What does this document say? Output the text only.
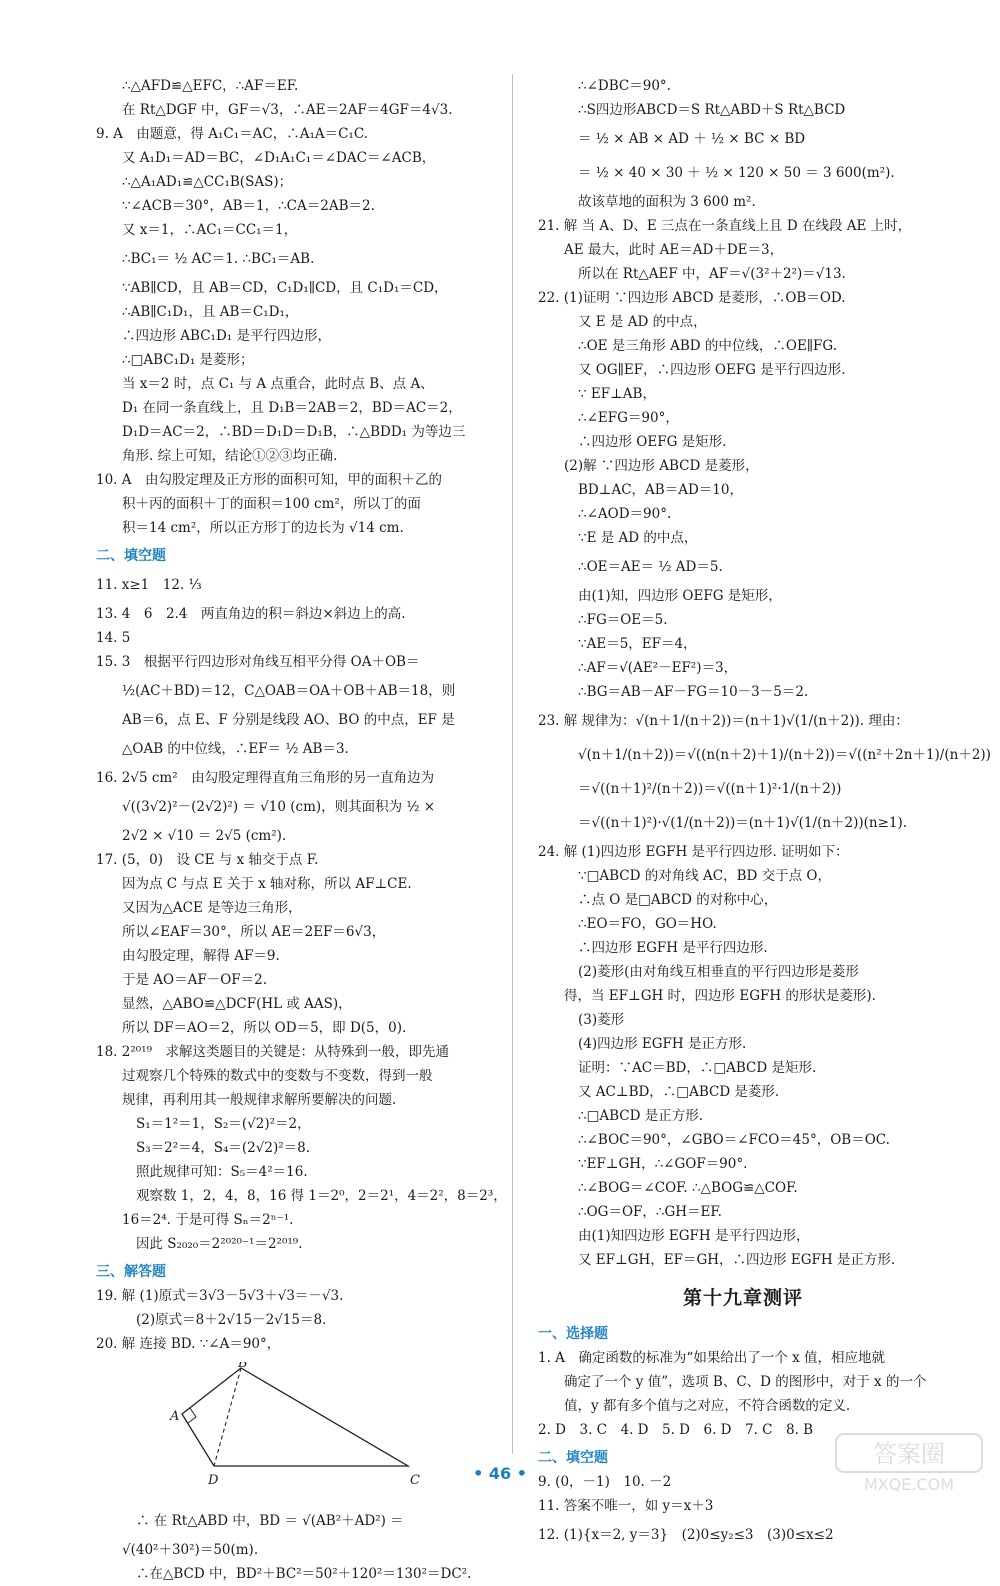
∴△AFD≌△EFC，∴AF＝EF.
在 Rt△DGF 中，GF＝√3，∴AE＝2AF＝4GF＝4√3.
9. A　由题意，得 A₁C₁＝AC，∴A₁A＝C₁C.
又 A₁D₁＝AD＝BC，∠D₁A₁C₁＝∠DAC＝∠ACB，
∴△A₁AD₁≌△CC₁B(SAS)；
∵∠ACB＝30°，AB＝1，∴CA＝2AB＝2.
又 x＝1，∴AC₁＝CC₁＝1，
∴BC₁＝ ½ AC＝1. ∴BC₁＝AB.
∵AB∥CD，且 AB＝CD，C₁D₁∥CD，且 C₁D₁＝CD，
∴AB∥C₁D₁，且 AB＝C₁D₁，
∴四边形 ABC₁D₁ 是平行四边形，
∴□ABC₁D₁ 是菱形；
当 x＝2 时，点 C₁ 与 A 点重合，此时点 B、点 A、
D₁ 在同一条直线上，且 D₁B＝2AB＝2，BD＝AC＝2，
D₁D＝AC＝2，∴BD＝D₁D＝D₁B，∴△BDD₁ 为等边三
角形. 综上可知，结论①②③均正确.
10. A　由勾股定理及正方形的面积可知，甲的面积＋乙的
积＋丙的面积＋丁的面积＝100 cm²，所以丁的面
积＝14 cm²，所以正方形丁的边长为 √14 cm.
二、填空题
11. x≥1　12. ⅓
13. 4　6　2.4　两直角边的积＝斜边×斜边上的高.
14. 5
15. 3　根据平行四边形对角线互相平分得 OA＋OB＝
½(AC＋BD)＝12，C△OAB＝OA＋OB＋AB＝18，则
AB＝6，点 E、F 分别是线段 AO、BO 的中点，EF 是
△OAB 的中位线，∴EF＝ ½ AB＝3.
16. 2√5 cm²　由勾股定理得直角三角形的另一直角边为
√((3√2)²－(2√2)²) ＝ √10 (cm)，则其面积为 ½ ×
2√2 × √10 ＝ 2√5 (cm²).
17. (5，0)　设 CE 与 x 轴交于点 F.
因为点 C 与点 E 关于 x 轴对称，所以 AF⊥CE.
又因为△ACE 是等边三角形，
所以∠EAF＝30°，所以 AE＝2EF＝6√3，
由勾股定理，解得 AF＝9.
于是 AO＝AF－OF＝2.
显然，△ABO≌△DCF(HL 或 AAS)，
所以 DF＝AO＝2，所以 OD＝5，即 D(5，0).
18. 2²⁰¹⁹　求解这类题目的关键是：从特殊到一般，即先通
过观察几个特殊的数式中的变数与不变数，得到一般
规律，再利用其一般规律求解所要解决的问题.
S₁＝1²＝1，S₂＝(√2)²＝2，
S₃＝2²＝4，S₄＝(2√2)²＝8.
照此规律可知：S₅＝4²＝16.
观察数 1，2，4，8，16 得 1＝2⁰，2＝2¹，4＝2²，8＝2³，
16＝2⁴. 于是可得 Sₙ＝2ⁿ⁻¹.
因此 S₂₀₂₀＝2²⁰²⁰⁻¹＝2²⁰¹⁹.
三、解答题
19. 解 (1)原式＝3√3－5√3＋√3＝－√3.
(2)原式＝8＋2√15－2√15＝8.
20. 解 连接 BD. ∵∠A＝90°，
A
B
C
D
∴ 在 Rt△ABD 中，BD ＝ √(AB²＋AD²) ＝
√(40²＋30²)＝50(m).
∴在△BCD 中，BD²＋BC²＝50²＋120²＝130²＝DC².
∴∠DBC＝90°.
∴S四边形ABCD＝S Rt△ABD＋S Rt△BCD
＝ ½ × AB × AD ＋ ½ × BC × BD
＝ ½ × 40 × 30 ＋ ½ × 120 × 50 ＝ 3 600(m²).
故该草地的面积为 3 600 m².
21. 解 当 A、D、E 三点在一条直线上且 D 在线段 AE 上时，
AE 最大，此时 AE＝AD＋DE＝3，
所以在 Rt△AEF 中，AF＝√(3²＋2²)＝√13.
22. (1)证明 ∵四边形 ABCD 是菱形，∴OB＝OD.
又 E 是 AD 的中点，
∴OE 是三角形 ABD 的中位线，∴OE∥FG.
又 OG∥EF，∴四边形 OEFG 是平行四边形.
∵ EF⊥AB，
∴∠EFG＝90°，
∴四边形 OEFG 是矩形.
(2)解 ∵四边形 ABCD 是菱形，
BD⊥AC，AB＝AD＝10，
∴∠AOD＝90°.
∵E 是 AD 的中点，
∴OE＝AE＝ ½ AD＝5.
由(1)知，四边形 OEFG 是矩形，
∴FG＝OE＝5.
∵AE＝5，EF＝4，
∴AF＝√(AE²－EF²)＝3，
∴BG＝AB－AF－FG＝10－3－5＝2.
23. 解 规律为：√(n＋1/(n＋2))＝(n＋1)√(1/(n＋2)). 理由：
√(n＋1/(n＋2))＝√((n(n＋2)＋1)/(n＋2))＝√((n²＋2n＋1)/(n＋2))
＝√((n＋1)²/(n＋2))＝√((n＋1)²·1/(n＋2))
＝√((n＋1)²)·√(1/(n＋2))＝(n＋1)√(1/(n＋2))(n≥1).
24. 解 (1)四边形 EGFH 是平行四边形. 证明如下：
∵□ABCD 的对角线 AC，BD 交于点 O，
∴点 O 是□ABCD 的对称中心，
∴EO＝FO，GO＝HO.
∴四边形 EGFH 是平行四边形.
(2)菱形(由对角线互相垂直的平行四边形是菱形
得，当 EF⊥GH 时，四边形 EGFH 的形状是菱形).
(3)菱形
(4)四边形 EGFH 是正方形.
证明：∵AC＝BD，∴□ABCD 是矩形.
又 AC⊥BD，∴□ABCD 是菱形.
∴□ABCD 是正方形.
∴∠BOC＝90°，∠GBO＝∠FCO＝45°，OB＝OC.
∵EF⊥GH，∴∠GOF＝90°.
∴∠BOG＝∠COF. ∴△BOG≌△COF.
∴OG＝OF，∴GH＝EF.
由(1)知四边形 EGFH 是平行四边形，
又 EF⊥GH，EF＝GH，∴四边形 EGFH 是正方形.
第十九章测评
一、选择题
1. A　确定函数的标准为“如果给出了一个 x 值，相应地就
确定了一个 y 值”，选项 B、C、D 的图形中，对于 x 的一个
值，y 都有多个值与之对应，不符合函数的定义.
2. D　3. C　4. D　5. D　6. D　7. C　8. B
二、填空题
9. (0，－1)　10. －2
11. 答案不唯一，如 y＝x＋3
12. (1){x＝2, y＝3}　(2)0≤y₂≤3　(3)0≤x≤2
• 46 •
答案圈
MXQE.COM
